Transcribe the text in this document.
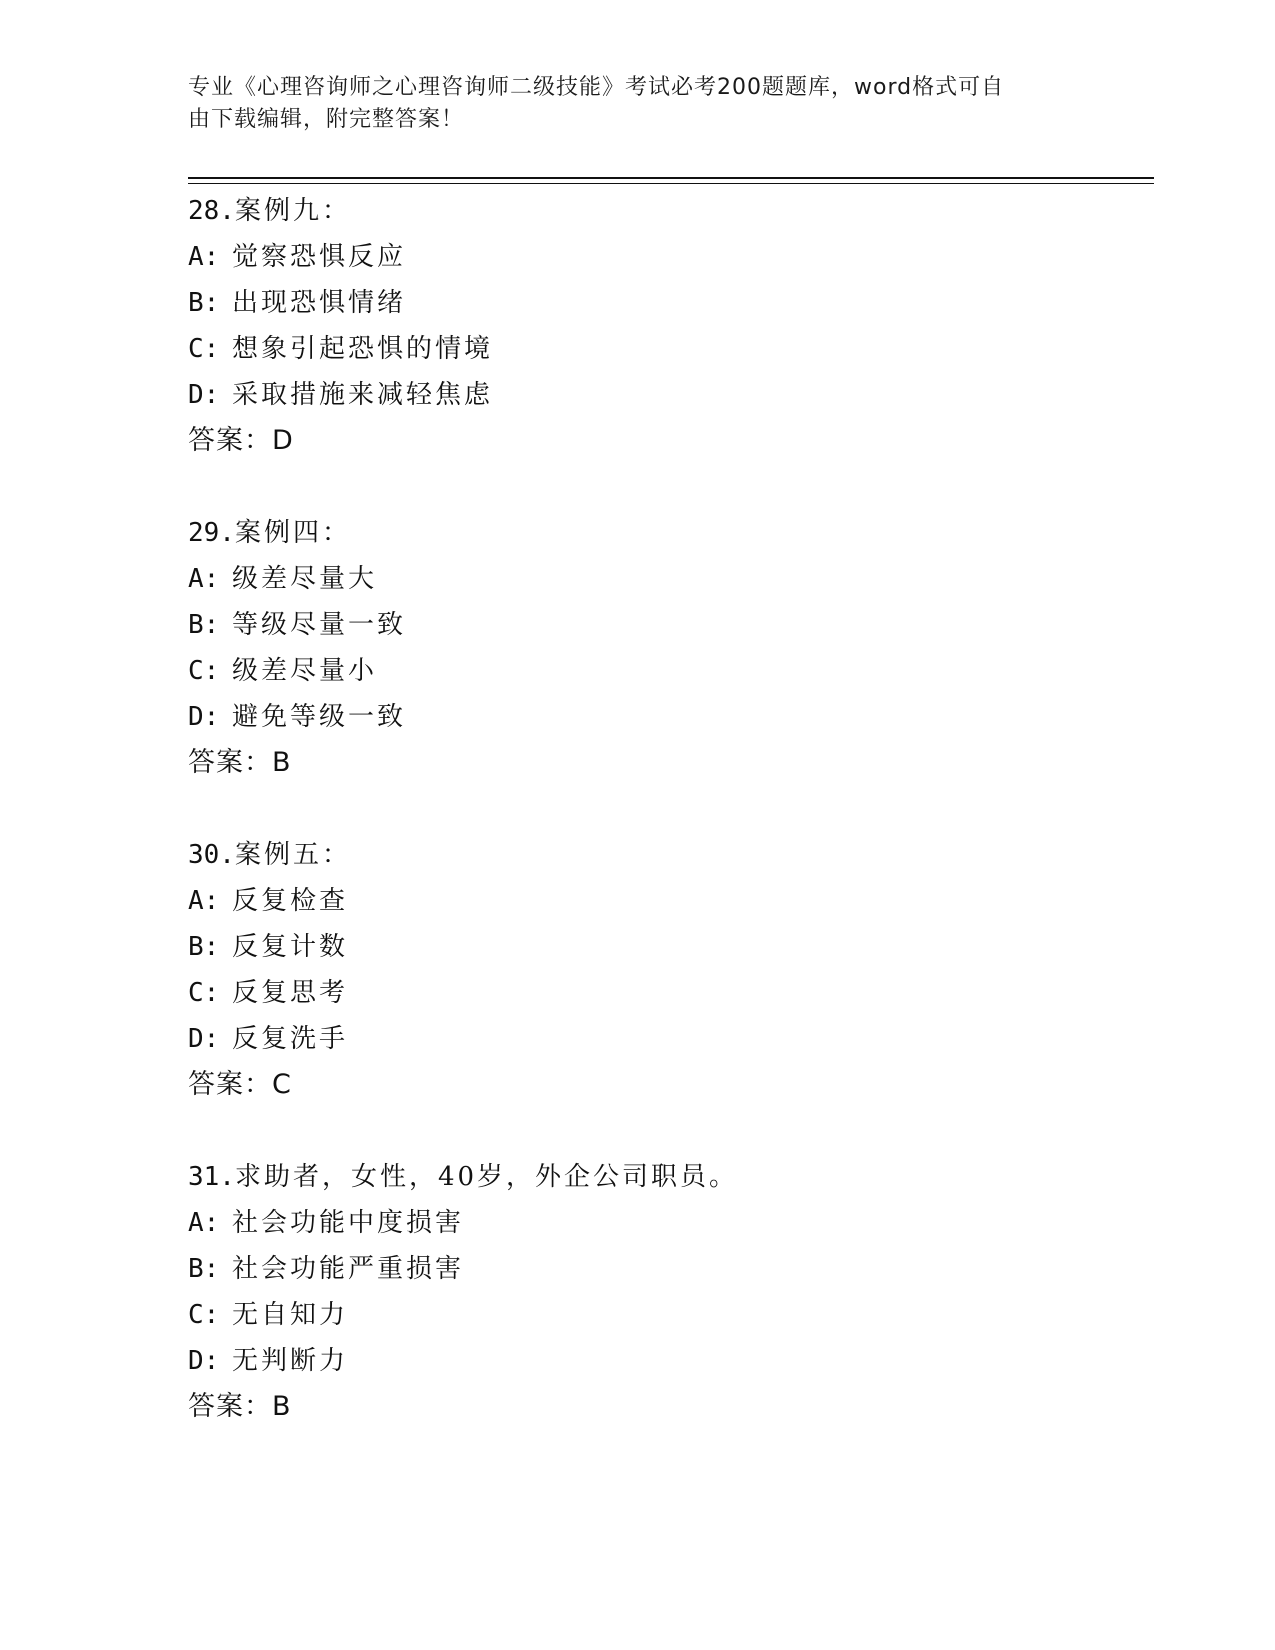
专业《心理咨询师之心理咨询师二级技能》考试必考200题题库，word格式可自
由下载编辑，附完整答案！
28.案例九：
A: 觉察恐惧反应
B: 出现恐惧情绪
C: 想象引起恐惧的情境
D: 采取措施来减轻焦虑
答案：D
29.案例四：
A: 级差尽量大
B: 等级尽量一致
C: 级差尽量小
D: 避免等级一致
答案：B
30.案例五：
A: 反复检查
B: 反复计数
C: 反复思考
D: 反复洗手
答案：C
31.求助者，女性，40岁，外企公司职员。
A: 社会功能中度损害
B: 社会功能严重损害
C: 无自知力
D: 无判断力
答案：B
